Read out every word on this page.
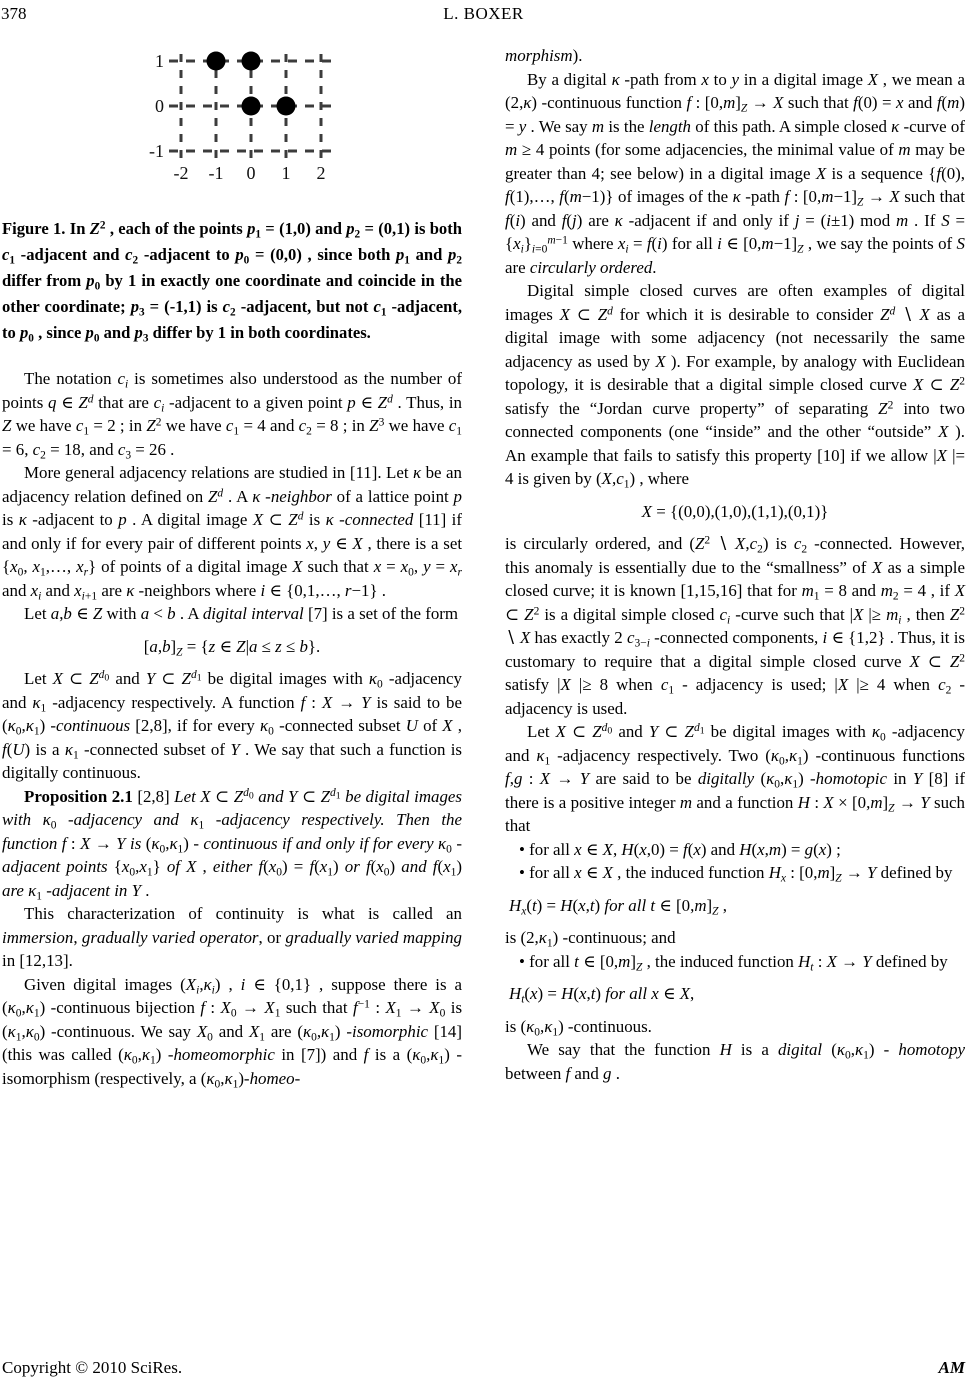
378	L. BOXER
-2 -1 0 1 2
1
0
-1

Figure 1. In $Z^2$ , each of the points $p_1 = (1,0)$ and $p_2 = (0,1)$ is both $c_1$ -adjacent and $c_2$ -adjacent to $p_0 = (0,0)$ , since both $p_1$ and $p_2$ differ from $p_0$ by 1 in exactly one coordinate and coincide in the other coordinate; $p_3 = (-1,1)$ is $c_2$ -adjacent, but not $c_1$ -adjacent, to $p_0$ , since $p_0$ and $p_3$ differ by 1 in both coordinates.

The notation $c_i$ is sometimes also understood as the number of points q ∈ $Z^d$ that are $c_i$ -adjacent to a given point p ∈ $Z^d$ . Thus, in Z we have $c_1 = 2$ ; in $Z^2$ we have $c_1 = 4$ and $c_2 = 8$ ; in $Z^3$ we have $c_1 = 6$, $c_2 = 18$, and $c_3 = 26$ .

More general adjacency relations are studied in [11]. Let κ be an adjacency relation defined on $Z^d$ . A κ -neighbor of a lattice point p is κ -adjacent to p . A digital image X ⊂ $Z^d$ is κ -connected [11] if and only if for every pair of different points x, y ∈ X , there is a set {$x_0$, $x_1,\dots$, $x_r$} of points of a digital image X such that $x = x_0$, $y = x_r$ and $x_i$ and $x_{i+1}$ are κ -neighbors where i ∈ {0,1,…, r−1} .

Let a,b ∈ Z with a < b . A digital interval [7] is a set of the form

$[a,b]_Z = \{z$ ∈ Z|a ≤ z ≤ b}.

Let X ⊂ $Z^{d_0}$ and Y ⊂ $Z^{d_1}$ be digital images with $\kappa_0$ -adjacency and $\kappa_1$ -adjacency respectively. A function f : X → Y is said to be $(\kappa_0,\kappa_1)$ -continuous [2,8], if for every $\kappa_0$ -connected subset U of X , f(U) is a $\kappa_1$ -connected subset of Y . We say that such a function is digitally continuous.

Proposition 2.1 [2,8] Let X ⊂ $Z^{d_0}$ and Y ⊂ $Z^{d_1}$ be digital images with $\kappa_0$ -adjacency and $\kappa_1$ -adjacency respectively. Then the function f : X → Y is $(\kappa_0,\kappa_1)$ - continuous if and only if for every $\kappa_0$ -adjacent points $\{x_0,x_1\}$ of X , either $f(x_0) = f(x_1)$ or $f(x_0)$ and $f(x_1)$ are $\kappa_1$ -adjacent in Y .

This characterization of continuity is what is called an immersion, gradually varied operator, or gradually varied mapping in [12,13].

Given digital images $(X_i,\kappa_i)$ , i ∈ {0,1} , suppose there is a $(\kappa_0,\kappa_1)$ -continuous bijection f : $X_0 \to X_1$ such that $f^{-1}$ : $X_1 \to X_0$ is $(\kappa_1,\kappa_0)$ -continuous. We say $X_0$ and $X_1$ are $(\kappa_0,\kappa_1)$ -isomorphic [14] (this was called $(\kappa_0,\kappa_1)$ -homeomorphic in [7]) and f is a $(\kappa_0,\kappa_1)$ -isomorphism (respectively, a $(\kappa_0,\kappa_1)-homeo-$

morphism).

By a digital κ -path from x to y in a digital image X , we mean a (2,κ) -continuous function f : $[0,m]_Z \to X$ such that f(0) = x and f(m) = y . We say m is the length of this path. A simple closed κ -curve of m ≥ 4 points (for some adjacencies, the minimal value of m may be greater than 4; see below) in a digital image X is a sequence {f(0), f(1),…, f(m−1)} of images of the κ -path f : $[0,m-1]_Z \to X$ such that f(i) and f(j) are κ -adjacent if and only if j = (i±1) mod m . If $S = \{x_i\}_{i=0}^{m-1}$ where $x_i = f(i)$ for all i ∈ $[0,m-1]_Z$ , we say the points of S are circularly ordered.

Digital simple closed curves are often examples of digital images X ⊂ $Z^d$ for which it is desirable to consider $Z^d$ ∖ X as a digital image with some adjacency (not necessarily the same adjacency as used by X ). For example, by analogy with Euclidean topology, it is desirable that a digital simple closed curve X ⊂ $Z^2$ satisfy the “Jordan curve property” of separating $Z^2$ into two connected components (one “inside” and the other “outside” X ). An example that fails to satisfy this property [10] if we allow |X |= 4 is given by $(X,c_1)$ , where

X = {(0,0),(1,0),(1,1),(0,1)}

is circularly ordered, and ($Z^2$ ∖ $X,c_2$) is $c_2$ -connected. However, this anomaly is essentially due to the “smallness” of X as a simple closed curve; it is known [1,15,16] that for $m_1 = 8$ and $m_2 = 4$ , if X ⊂ $Z^2$ is a digital simple closed $c_i$ -curve such that |X |≥ $m_i$ , then $Z^2$ ∖ X has exactly 2 $c_{3-i}$ -connected components, i ∈ {1,2} . Thus, it is customary to require that a digital simple closed curve X ⊂ $Z^2$ satisfy |X |≥ 8 when $c_1$ - adjacency is used; |X |≥ 4 when $c_2$ -adjacency is used.

Let X ⊂ $Z^{d_0}$ and Y ⊂ $Z^{d_1}$ be digital images with $\kappa_0$ -adjacency and $\kappa_1$ -adjacency respectively. Two $(\kappa_0,\kappa_1)$ -continuous functions f,g : X → Y are said to be digitally $(\kappa_0,\kappa_1)$ -homotopic in Y [8] if there is a positive integer m and a function H : $X \times [0,m]_Z \to Y$ such that

• for all x ∈ X, H(x,0) = f(x) and H(x,m) = g(x) ;

• for all x ∈ X , the induced function $H_x$ : $[0,m]_Z \to Y$ defined by

$H_x(t) = H(x,t)$ for all t ∈ $[0,m]_Z$ ,

is $(2,\kappa_1)$ -continuous; and

• for all t ∈ $[0,m]_Z$ , the induced function $H_t$ : X → Y defined by

$H_t(x) = H(x,t)$ for all x ∈ X,

is $(\kappa_0,\kappa_1)$ -continuous.

We say that the function H is a digital $(\kappa_0,\kappa_1)$ - homotopy between f and g .

Copyright © 2010 SciRes.	AM
